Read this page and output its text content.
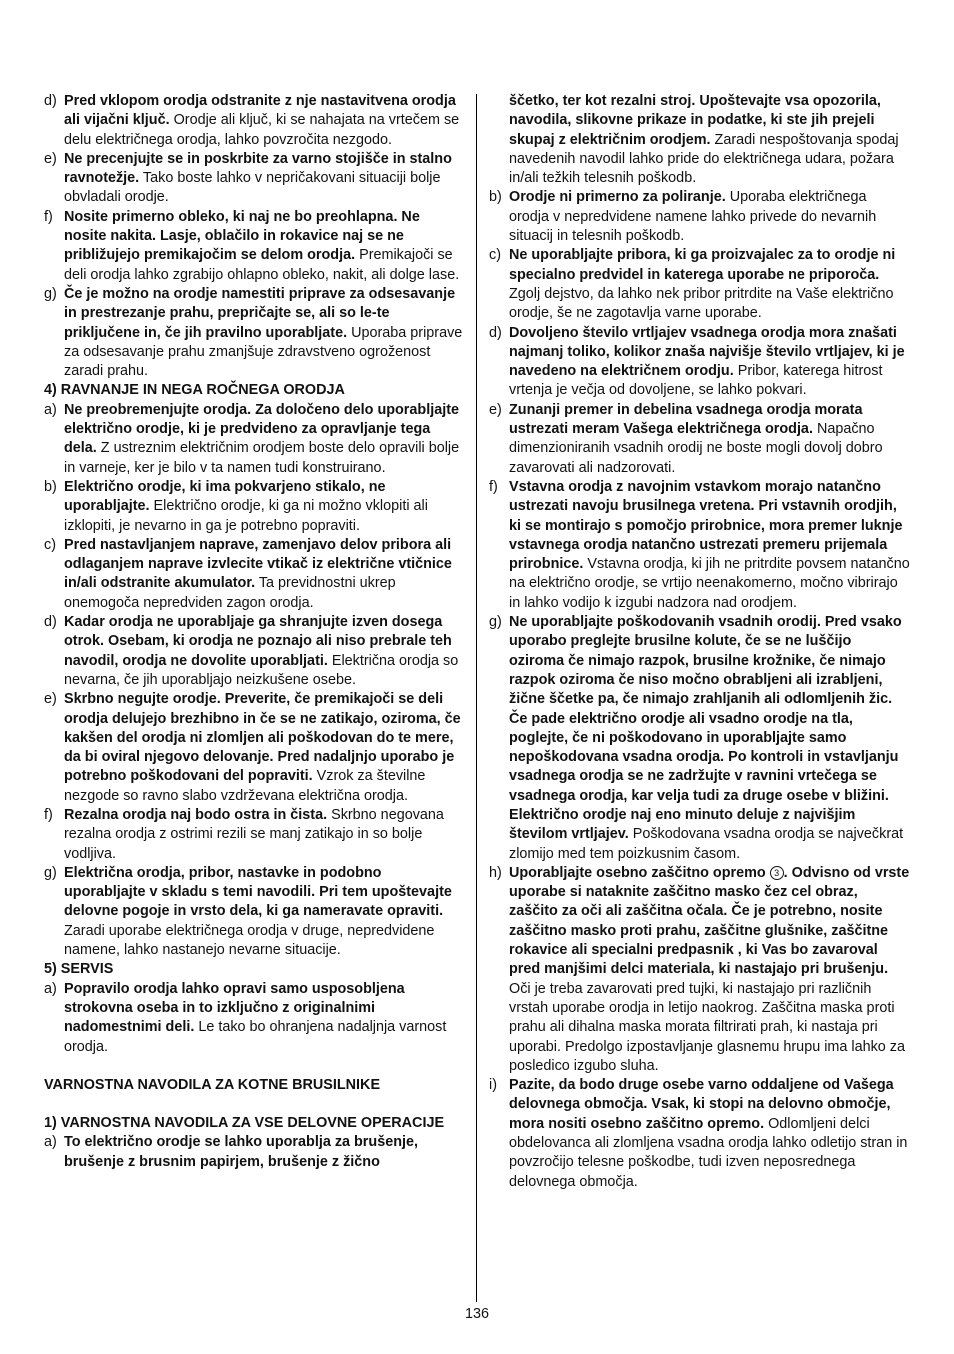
d) Pred vklopom orodja odstranite z nje nastavitvena orodja ali vijačni ključ. Orodje ali ključ, ki se nahajata na vrtečem se delu električnega orodja, lahko povzročita nezgodo.
e) Ne precenjujte se in poskrbite za varno stojišče in stalno ravnotežje. Tako boste lahko v nepričakovani situaciji bolje obvladali orodje.
f) Nosite primerno obleko, ki naj ne bo preohlapna. Ne nosite nakita. Lasje, oblačilo in rokavice naj se ne približujejo premikajočim se delom orodja. Premikajoči se deli orodja lahko zgrabijo ohlapno obleko, nakit, ali dolge lase.
g) Če je možno na orodje namestiti priprave za odsesavanje in prestrezanje prahu, prepričajte se, ali so le-te priključene in, če jih pravilno uporabljate. Uporaba priprave za odsesavanje prahu zmanjšuje zdravstveno ogroženost zaradi prahu.
4) RAVNANJE IN NEGA ROČNEGA ORODJA
a) Ne preobremenjujte orodja. Za določeno delo uporabljajte električno orodje, ki je predvideno za opravljanje tega dela. Z ustreznim električnim orodjem boste delo opravili bolje in varneje, ker je bilo v ta namen tudi konstruirano.
b) Električno orodje, ki ima pokvarjeno stikalo, ne uporabljajte. Električno orodje, ki ga ni možno vklopiti ali izklopiti, je nevarno in ga je potrebno popraviti.
c) Pred nastavljanjem naprave, zamenjavo delov pribora ali odlaganjem naprave izvlecite vtikač iz električne vtičnice in/ali odstranite akumulator. Ta previdnostni ukrep onemogoča nepredviden zagon orodja.
d) Kadar orodja ne uporabljaje ga shranjujte izven dosega otrok. Osebam, ki orodja ne poznajo ali niso prebrale teh navodil, orodja ne dovolite uporabljati. Električna orodja so nevarna, če jih uporabljajo neizkušene osebe.
e) Skrbno negujte orodje. Preverite, če premikajoči se deli orodja delujejo brezhibno in če se ne zatikajo, oziroma, če kakšen del orodja ni zlomljen ali poškodovan do te mere, da bi oviral njegovo delovanje. Pred nadaljnjo uporabo je potrebno poškodovani del popraviti. Vzrok za številne nezgode so ravno slabo vzdrževana električna orodja.
f) Rezalna orodja naj bodo ostra in čista. Skrbno negovana rezalna orodja z ostrimi rezili se manj zatikajo in so bolje vodljiva.
g) Električna orodja, pribor, nastavke in podobno uporabljajte v skladu s temi navodili. Pri tem upoštevajte delovne pogoje in vrsto dela, ki ga nameravate opraviti. Zaradi uporabe električnega orodja v druge, nepredvidene namene, lahko nastanejo nevarne situacije.
5) SERVIS
a) Popravilo orodja lahko opravi samo usposobljena strokovna oseba in to izključno z originalnimi nadomestnimi deli. Le tako bo ohranjena nadaljnja varnost orodja.
VARNOSTNA NAVODILA ZA KOTNE BRUSILNIKE
1) VARNOSTNA NAVODILA ZA VSE DELOVNE OPERACIJE
a) To električno orodje se lahko uporablja za brušenje, brušenje z brusnim papirjem, brušenje z žično
ščetko, ter kot rezalni stroj. Upoštevajte vsa opozorila, navodila, slikovne prikaze in podatke, ki ste jih prejeli skupaj z električnim orodjem. Zaradi nespoštovanja spodaj navedenih navodil lahko pride do električnega udara, požara in/ali težkih telesnih poškodb.
b) Orodje ni primerno za poliranje. Uporaba električnega orodja v nepredvidene namene lahko privede do nevarnih situacij in telesnih poškodb.
c) Ne uporabljajte pribora, ki ga proizvajalec za to orodje ni specialno predvidel in katerega uporabe ne priporoča. Zgolj dejstvo, da lahko nek pribor pritrdite na Vaše električno orodje, še ne zagotavlja varne uporabe.
d) Dovoljeno število vrtljajev vsadnega orodja mora znašati najmanj toliko, kolikor znaša najvišje število vrtljajev, ki je navedeno na električnem orodju. Pribor, katerega hitrost vrtenja je večja od dovoljene, se lahko pokvari.
e) Zunanji premer in debelina vsadnega orodja morata ustrezati meram Vašega električnega orodja. Napačno dimenzioniranih vsadnih orodij ne boste mogli dovolj dobro zavarovati ali nadzorovati.
f) Vstavna orodja z navojnim vstavkom morajo natančno ustrezati navoju brusilnega vretena. Pri vstavnih orodjih, ki se montirajo s pomočjo prirobnice, mora premer luknje vstavnega orodja natančno ustrezati premeru prijemala prirobnice. Vstavna orodja, ki jih ne pritrdite povsem natančno na električno orodje, se vrtijo neenakomerno, močno vibrirajo in lahko vodijo k izgubi nadzora nad orodjem.
g) Ne uporabljajte poškodovanih vsadnih orodij. Pred vsako uporabo preglejte brusilne kolute, če se ne luščijo oziroma če nimajo razpok, brusilne krožnike, če nimajo razpok oziroma če niso močno obrabljeni ali izrabljeni, žične ščetke pa, če nimajo zrahljanih ali odlomljenih žic. Če pade električno orodje ali vsadno orodje na tla, poglejte, če ni poškodovano in uporabljajte samo nepoškodovana vsadna orodja. Po kontroli in vstavljanju vsadnega orodja se ne zadržujte v ravnini vrtečega se vsadnega orodja, kar velja tudi za druge osebe v bližini. Električno orodje naj eno minuto deluje z najvišjim številom vrtljajev. Poškodovana vsadna orodja se največkrat zlomijo med tem poizkusnim časom.
h) Uporabljajte osebno zaščitno opremo 3 . Odvisno od vrste uporabe si nataknite zaščitno masko čez cel obraz, zaščito za oči ali zaščitna očala. Če je potrebno, nosite zaščitno masko proti prahu, zaščitne glušnike, zaščitne rokavice ali specialni predpasnik , ki Vas bo zavaroval pred manjšimi delci materiala, ki nastajajo pri brušenju. Oči je treba zavarovati pred tujki, ki nastajajo pri različnih vrstah uporabe orodja in letijo naokrog. Zaščitna maska proti prahu ali dihalna maska morata filtrirati prah, ki nastaja pri uporabi. Predolgo izpostavljanje glasnemu hrupu ima lahko za posledico izgubo sluha.
i) Pazite, da bodo druge osebe varno oddaljene od Vašega delovnega območja. Vsak, ki stopi na delovno območje, mora nositi osebno zaščitno opremo. Odlomljeni delci obdelovanca ali zlomljena vsadna orodja lahko odletijo stran in povzročijo telesne poškodbe, tudi izven neposrednega delovnega območja.
136
